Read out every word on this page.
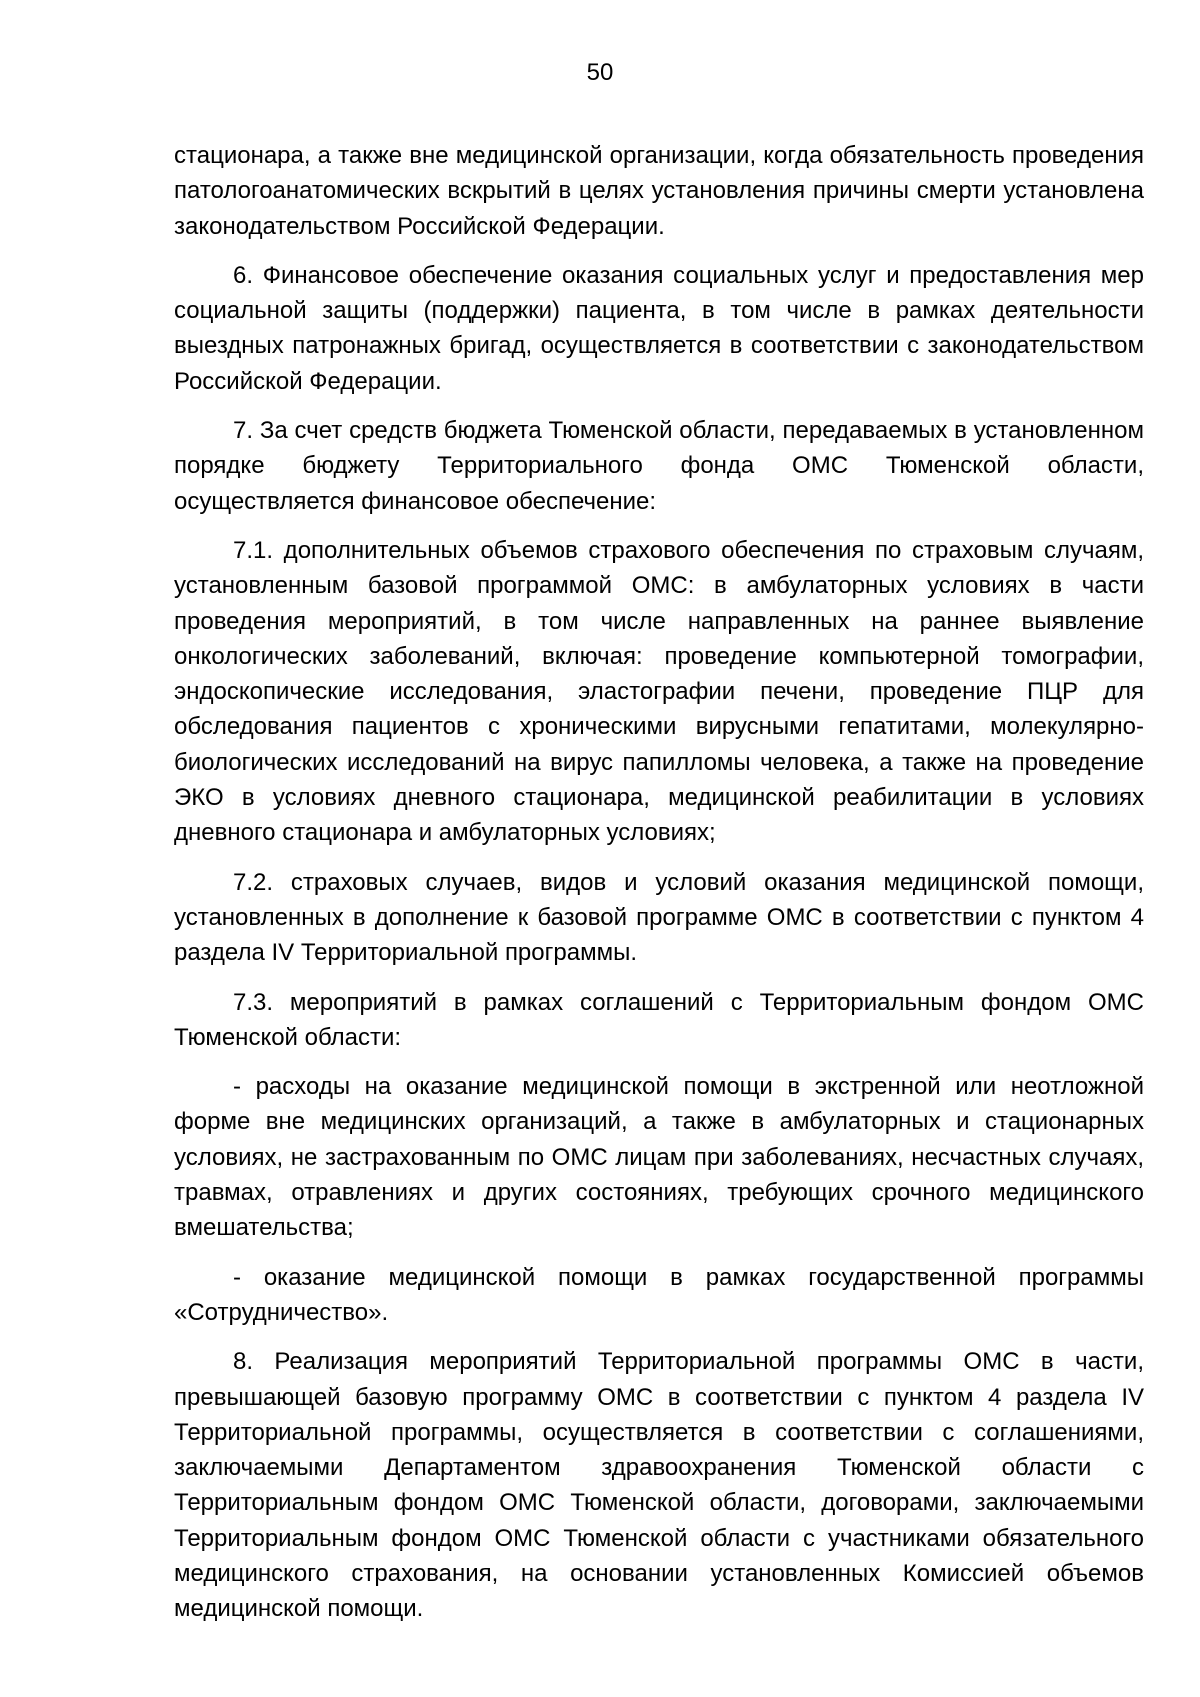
50

стационара, а также вне медицинской организации, когда обязательность проведения патологоанатомических вскрытий в целях установления причины смерти установлена законодательством Российской Федерации.

6. Финансовое обеспечение оказания социальных услуг и предоставления мер социальной защиты (поддержки) пациента, в том числе в рамках деятельности выездных патронажных бригад, осуществляется в соответствии с законодательством Российской Федерации.

7. За счет средств бюджета Тюменской области, передаваемых в установленном порядке бюджету Территориального фонда ОМС Тюменской области, осуществляется финансовое обеспечение:

7.1. дополнительных объемов страхового обеспечения по страховым случаям, установленным базовой программой ОМС: в амбулаторных условиях в части проведения мероприятий, в том числе направленных на раннее выявление онкологических заболеваний, включая: проведение компьютерной томографии, эндоскопические исследования, эластографии печени, проведение ПЦР для обследования пациентов с хроническими вирусными гепатитами, молекулярно-биологических исследований на вирус папилломы человека, а также на проведение ЭКО в условиях дневного стационара, медицинской реабилитации в условиях дневного стационара и амбулаторных условиях;

7.2. страховых случаев, видов и условий оказания медицинской помощи, установленных в дополнение к базовой программе ОМС в соответствии с пунктом 4 раздела IV Территориальной программы.

7.3. мероприятий в рамках соглашений с Территориальным фондом ОМС Тюменской области:

- расходы на оказание медицинской помощи в экстренной или неотложной форме вне медицинских организаций, а также в амбулаторных и стационарных условиях, не застрахованным по ОМС лицам при заболеваниях, несчастных случаях, травмах, отравлениях и других состояниях, требующих срочного медицинского вмешательства;

- оказание медицинской помощи в рамках государственной программы «Сотрудничество».

8. Реализация мероприятий Территориальной программы ОМС в части, превышающей базовую программу ОМС в соответствии с пунктом 4 раздела IV Территориальной программы, осуществляется в соответствии с соглашениями, заключаемыми Департаментом здравоохранения Тюменской области с Территориальным фондом ОМС Тюменской области, договорами, заключаемыми Территориальным фондом ОМС Тюменской области с участниками обязательного медицинского страхования, на основании установленных Комиссией объемов медицинской помощи.
